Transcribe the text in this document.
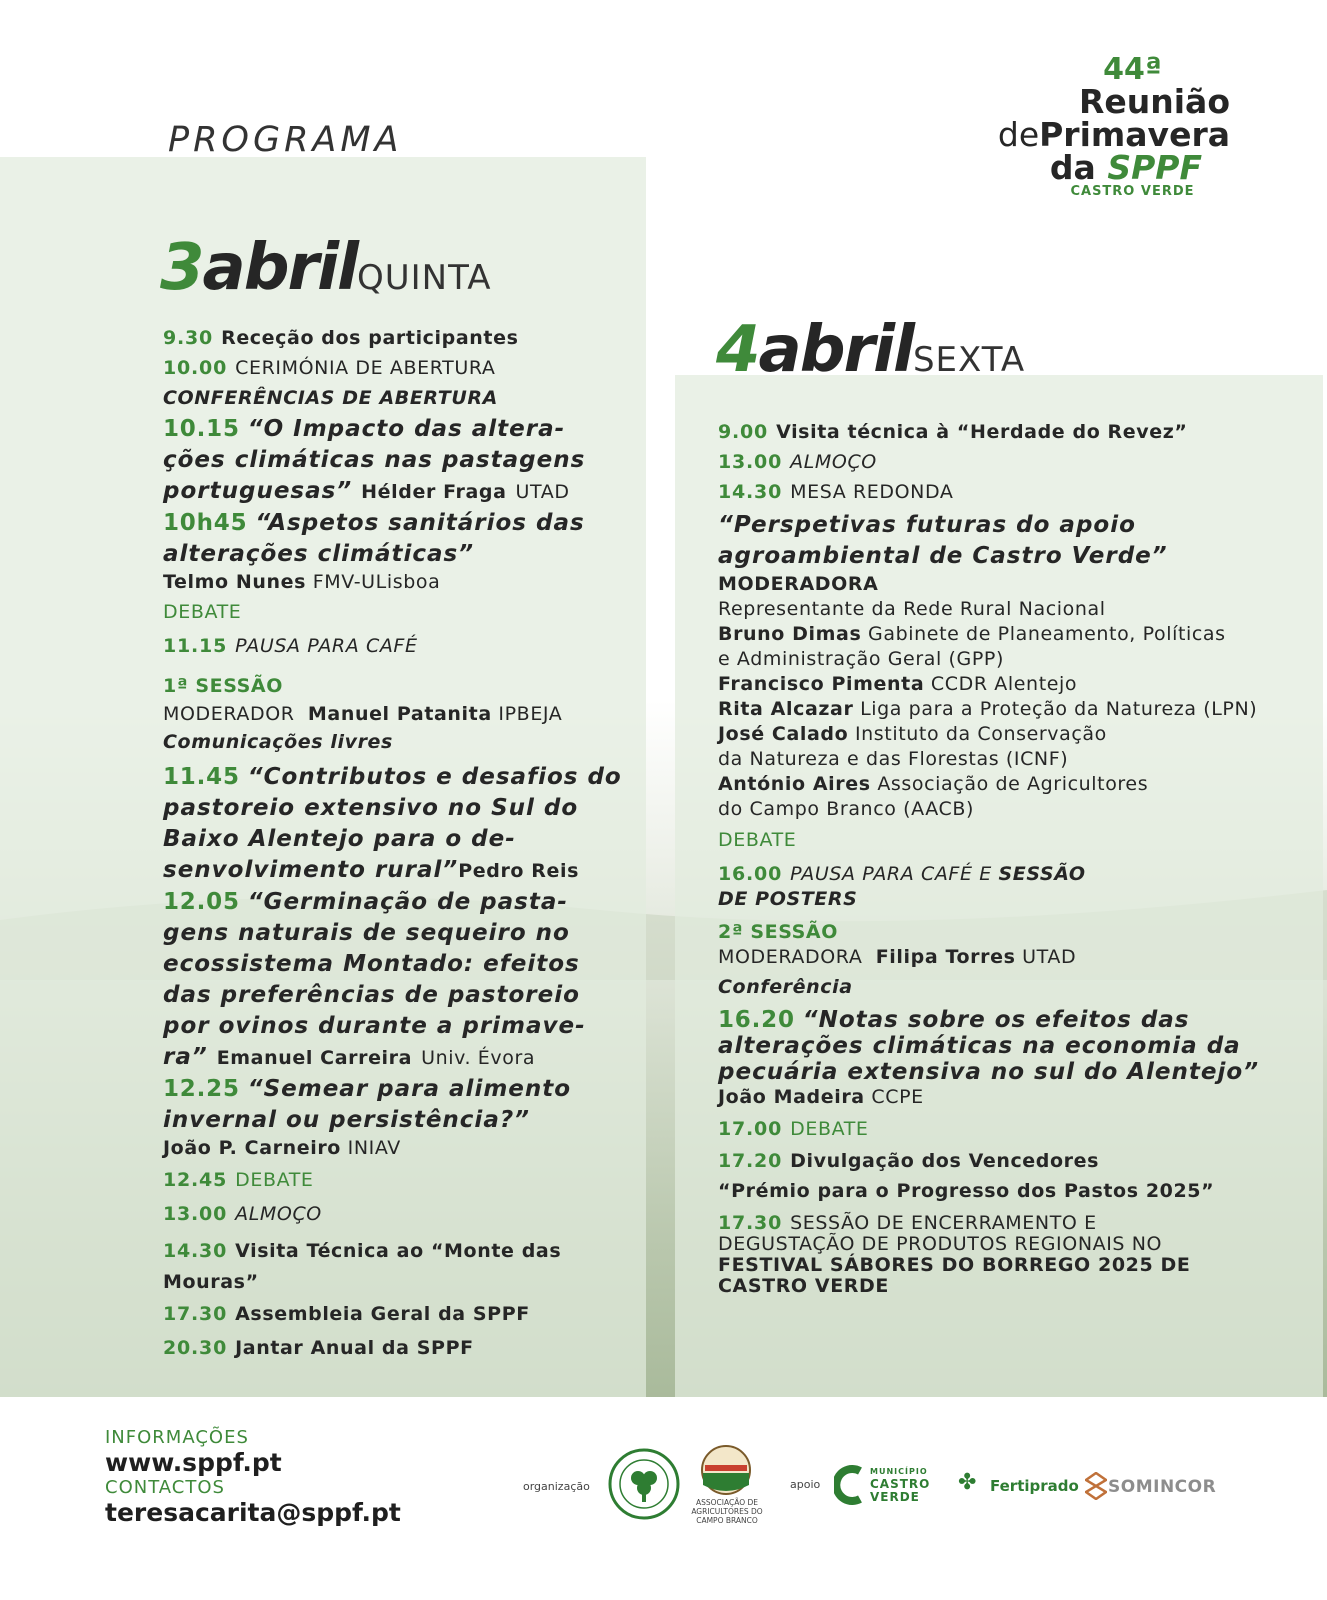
PROGRAMA
44ª
Reunião
dePrimavera
da SPPF
CASTRO VERDE
3abrilQUINTA
9.30 Receção dos participantes
10.00 CERIMÓNIA DE ABERTURA
CONFERÊNCIAS DE ABERTURA
10.15 “O Impacto das altera- ções climáticas nas pastagens portuguesas” Hélder Fraga UTAD
10h45 “Aspetos sanitários das alterações climáticas”
Telmo Nunes FMV-ULisboa
DEBATE
11.15 PAUSA PARA CAFÉ
1ª SESSÃO
MODERADOR Manuel Patanita IPBEJA
Comunicações livres
11.45 “Contributos e desafios do pastoreio extensivo no Sul do Baixo Alentejo para o de- senvolvimento rural”Pedro Reis
12.05 “Germinação de pasta- gens naturais de sequeiro no ecossistema Montado: efeitos das preferências de pastoreio por ovinos durante a primave- ra” Emanuel Carreira Univ. Évora
12.25 “Semear para alimento invernal ou persistência?”
João P. Carneiro INIAV
12.45 DEBATE
13.00 ALMOÇO
14.30 Visita Técnica ao “Monte das Mouras”
17.30 Assembleia Geral da SPPF
20.30 Jantar Anual da SPPF
4abrilSEXTA
9.00 Visita técnica à “Herdade do Revez”
13.00 ALMOÇO
14.30 MESA REDONDA
“Perspetivas futuras do apoio agroambiental de Castro Verde”
MODERADORA
Representante da Rede Rural Nacional
Bruno Dimas Gabinete de Planeamento, Políticas e Administração Geral (GPP)
Francisco Pimenta CCDR Alentejo
Rita Alcazar Liga para a Proteção da Natureza (LPN)
José Calado Instituto da Conservação da Natureza e das Florestas (ICNF)
António Aires Associação de Agricultores do Campo Branco (AACB)
DEBATE
16.00 PAUSA PARA CAFÉ E SESSÃO DE POSTERS
2ª SESSÃO
MODERADORA Filipa Torres UTAD
Conferência
16.20 “Notas sobre os efeitos das alterações climáticas na economia da pecuária extensiva no sul do Alentejo”
João Madeira CCPE
17.00 DEBATE
17.20 Divulgação dos Vencedores
“Prémio para o Progresso dos Pastos 2025”
17.30 SESSÃO DE ENCERRAMENTO E DEGUSTAÇÃO DE PRODUTOS REGIONAIS NO FESTIVAL SÁBORES DO BORREGO 2025 DE CASTRO VERDE
INFORMAÇÕES
www.sppf.pt
CONTACTOS
teresacarita@sppf.pt
organização
ASSOCIAÇÃO DE AGRICULTORES DO CAMPO BRANCO
apoio
MUNICÍPIO
CASTRO VERDE
✤ Fertiprado SOMINCOR
